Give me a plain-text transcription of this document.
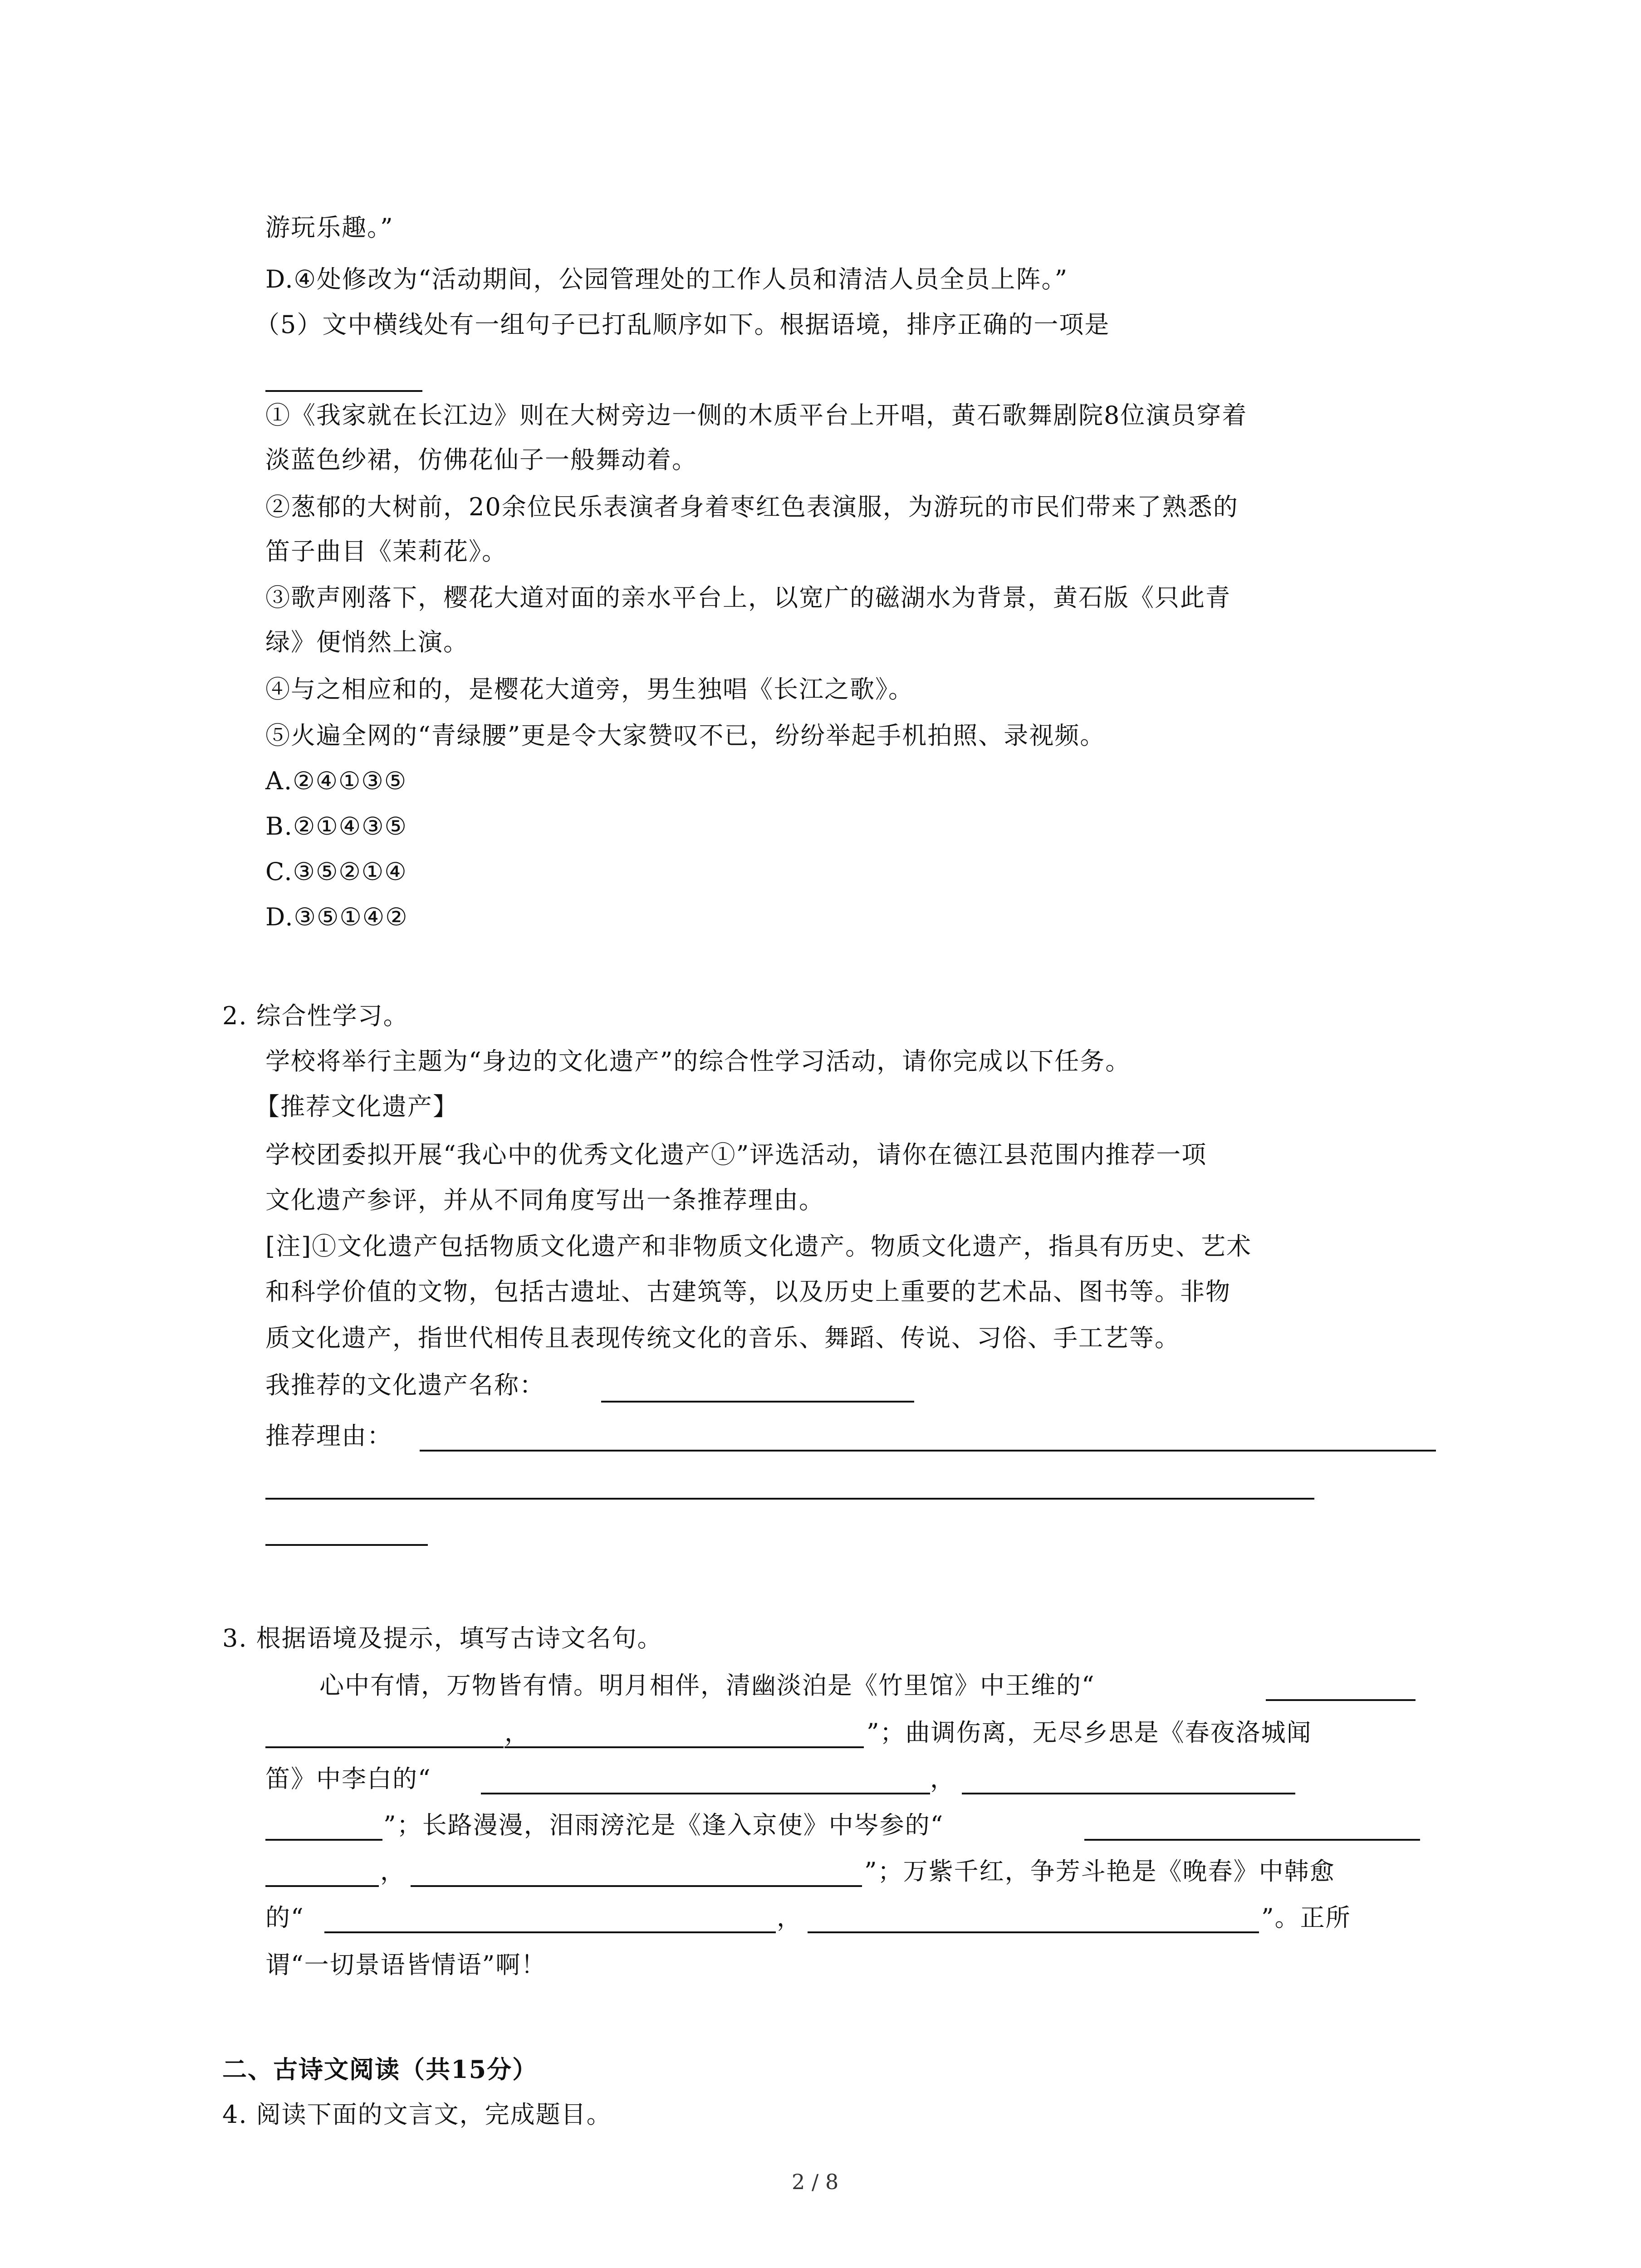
游玩乐趣。”
D.④处修改为“活动期间，公园管理处的工作人员和清洁人员全员上阵。”
（5）文中横线处有一组句子已打乱顺序如下。根据语境，排序正确的一项是
①《我家就在长江边》则在大树旁边一侧的木质平台上开唱，黄石歌舞剧院8位演员穿着
淡蓝色纱裙，仿佛花仙子一般舞动着。
②葱郁的大树前，20余位民乐表演者身着枣红色表演服，为游玩的市民们带来了熟悉的
笛子曲目《茉莉花》。
③歌声刚落下，樱花大道对面的亲水平台上，以宽广的磁湖水为背景，黄石版《只此青
绿》便悄然上演。
④与之相应和的，是樱花大道旁，男生独唱《长江之歌》。
⑤火遍全网的“青绿腰”更是令大家赞叹不已，纷纷举起手机拍照、录视频。
A.②④①③⑤
B.②①④③⑤
C.③⑤②①④
D.③⑤①④②
2. 综合性学习。
学校将举行主题为“身边的文化遗产”的综合性学习活动，请你完成以下任务。
【推荐文化遗产】
学校团委拟开展“我心中的优秀文化遗产①”评选活动，请你在德江县范围内推荐一项
文化遗产参评，并从不同角度写出一条推荐理由。
[注]①文化遗产包括物质文化遗产和非物质文化遗产。物质文化遗产，指具有历史、艺术
和科学价值的文物，包括古遗址、古建筑等，以及历史上重要的艺术品、图书等。非物
质文化遗产，指世代相传且表现传统文化的音乐、舞蹈、传说、习俗、手工艺等。
我推荐的文化遗产名称：
推荐理由：
3. 根据语境及提示，填写古诗文名句。
心中有情，万物皆有情。明月相伴，清幽淡泊是《竹里馆》中王维的“
，	”；曲调伤离，无尽乡思是《春夜洛城闻
笛》中李白的“	，
”；长路漫漫，泪雨滂沱是《逢入京使》中岑参的“
，	”；万紫千红，争芳斗艳是《晚春》中韩愈
的“	，	”。正所
谓“一切景语皆情语”啊！
二、古诗文阅读（共15分）
4. 阅读下面的文言文，完成题目。
2 / 8
